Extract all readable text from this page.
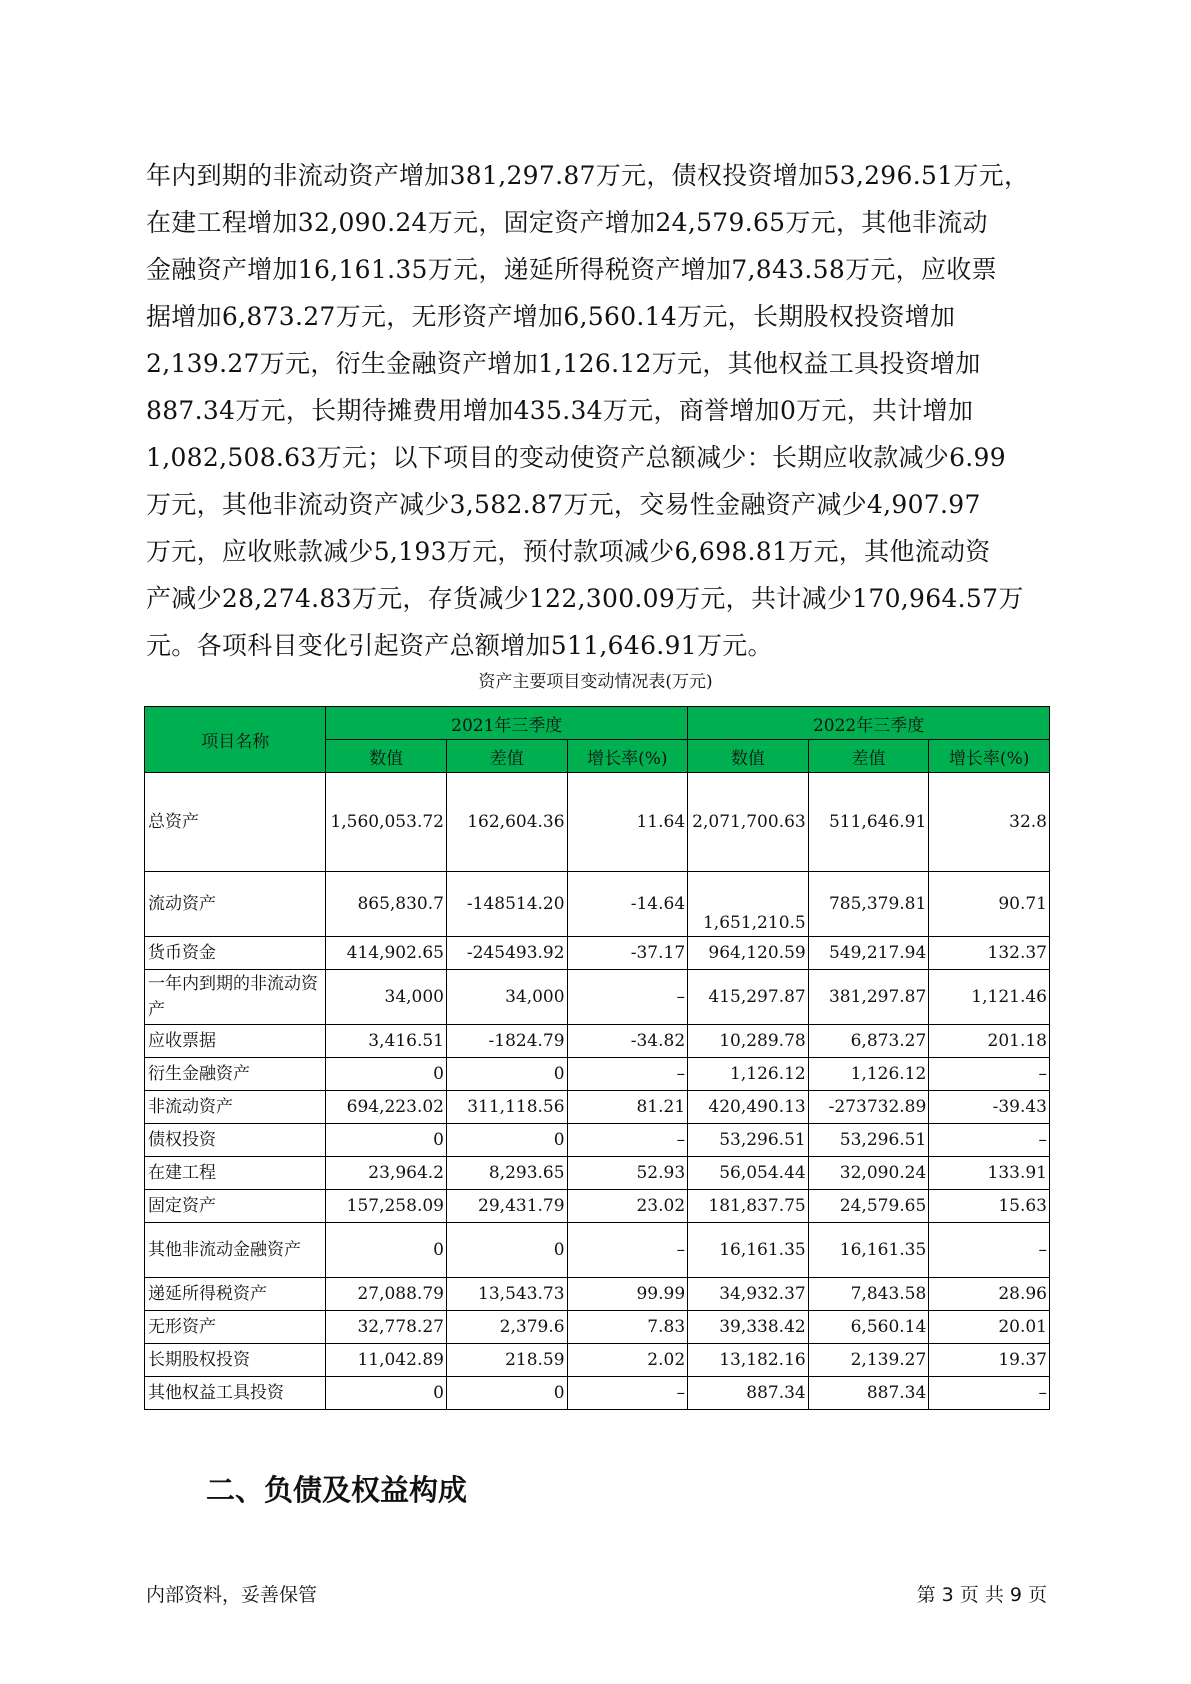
年内到期的非流动资产增加381,297.87万元，债权投资增加53,296.51万元，
在建工程增加32,090.24万元，固定资产增加24,579.65万元，其他非流动
金融资产增加16,161.35万元，递延所得税资产增加7,843.58万元，应收票
据增加6,873.27万元，无形资产增加6,560.14万元，长期股权投资增加
2,139.27万元，衍生金融资产增加1,126.12万元，其他权益工具投资增加
887.34万元，长期待摊费用增加435.34万元，商誉增加0万元，共计增加
1,082,508.63万元；以下项目的变动使资产总额减少：长期应收款减少6.99
万元，其他非流动资产减少3,582.87万元，交易性金融资产减少4,907.97
万元，应收账款减少5,193万元，预付款项减少6,698.81万元，其他流动资
产减少28,274.83万元，存货减少122,300.09万元，共计减少170,964.57万
元。各项科目变化引起资产总额增加511,646.91万元。
资产主要项目变动情况表(万元)
项目名称	2021年三季度			2022年三季度		
	数值	差值	增长率(%)	数值	差值	增长率(%)
总资产	1,560,053.72	162,604.36	11.64	2,071,700.63	511,646.91	32.8
流动资产	865,830.7	-148514.20	-14.64	1,651,210.5	785,379.81	90.71
货币资金	414,902.65	-245493.92	-37.17	964,120.59	549,217.94	132.37
一年内到期的非流动资产	34,000	34,000	–	415,297.87	381,297.87	1,121.46
应收票据	3,416.51	-1824.79	-34.82	10,289.78	6,873.27	201.18
衍生金融资产	0	0	–	1,126.12	1,126.12	–
非流动资产	694,223.02	311,118.56	81.21	420,490.13	-273732.89	-39.43
债权投资	0	0	–	53,296.51	53,296.51	–
在建工程	23,964.2	8,293.65	52.93	56,054.44	32,090.24	133.91
固定资产	157,258.09	29,431.79	23.02	181,837.75	24,579.65	15.63
其他非流动金融资产	0	0	–	16,161.35	16,161.35	–
递延所得税资产	27,088.79	13,543.73	99.99	34,932.37	7,843.58	28.96
无形资产	32,778.27	2,379.6	7.83	39,338.42	6,560.14	20.01
长期股权投资	11,042.89	218.59	2.02	13,182.16	2,139.27	19.37
其他权益工具投资	0	0	–	887.34	887.34	–
二、负债及权益构成
内部资料，妥善保管	第 3 页 共 9 页
